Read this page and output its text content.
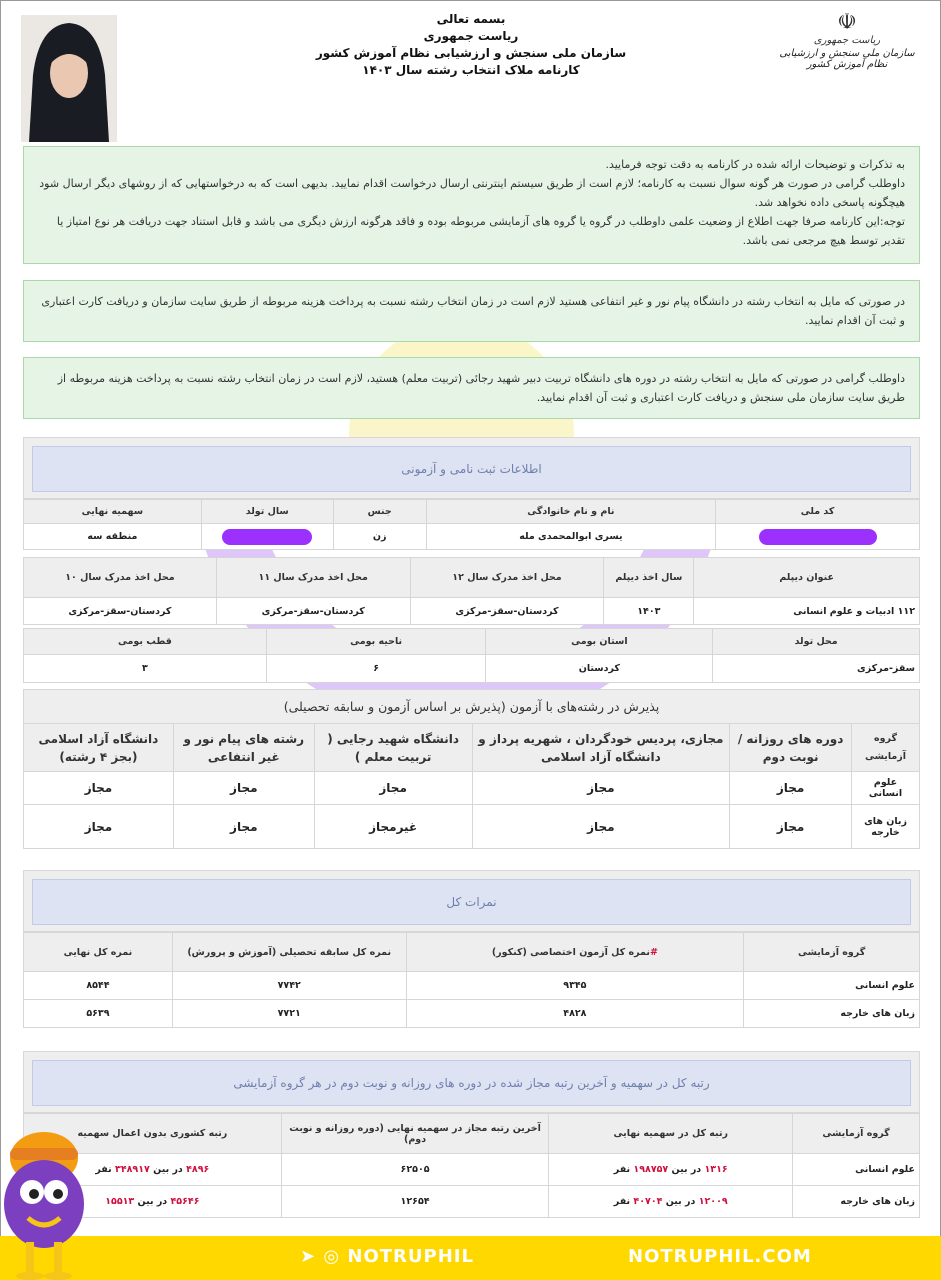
بسمه تعالی
ریاست جمهوری
سازمان ملی سنجش و ارزشیابی نظام آموزش کشور
کارنامه ملاک انتخاب رشته سال ۱۴۰۳
☫
ریاست جمهوری
سازمان ملی سنجش و ارزشیابی نظام آموزش کشور

به تذکرات و توضیحات ارائه شده در کارنامه به دقت توجه فرمایید.

داوطلب گرامی در صورت هر گونه سوال نسبت به کارنامه؛ لازم است از طریق سیستم اینترنتی ارسال درخواست اقدام نمایید. بدیهی است که به درخواستهایی که از روشهای دیگر ارسال شود هیچگونه پاسخی داده نخواهد شد.

توجه:این کارنامه صرفا جهت اطلاع از وضعیت علمی داوطلب در گروه یا گروه های آزمایشی مربوطه بوده و فاقد هرگونه ارزش دیگری می باشد و قابل استناد جهت دریافت هر نوع امتیاز یا تقدیر توسط هیچ مرجعی نمی باشد.

در صورتی که مایل به انتخاب رشته در دانشگاه پیام نور و غیر انتفاعی هستید لازم است در زمان انتخاب رشته نسبت به پرداخت هزینه مربوطه از طریق سایت سازمان و دریافت کارت اعتباری و ثبت آن اقدام نمایید.

داوطلب گرامی در صورتی که مایل به انتخاب رشته در دوره های دانشگاه تربیت دبیر شهید رجائی (تربیت معلم) هستید، لازم است در زمان انتخاب رشته نسبت به پرداخت هزینه مربوطه از طریق سایت سازمان ملی سنجش و دریافت کارت اعتباری و ثبت آن اقدام نمایید.

اطلاعات ثبت نامی و آزمونی
کد ملی	نام و نام خانوادگی	جنس	سال تولد	سهمیه نهایی
	یسری ابوالمحمدی مله	زن		منطقه سه
عنوان دیپلم	سال اخذ دیپلم	محل اخذ مدرک سال ۱۲	محل اخذ مدرک سال ۱۱	محل اخذ مدرک سال ۱۰
۱۱۲ ادبیات و علوم انسانی	۱۴۰۳	کردستان-سقز-مرکزی	کردستان-سقز-مرکزی	کردستان-سقز-مرکزی
محل تولد	استان بومی	ناحیه بومی	قطب بومی
سقز-مرکزی	کردستان	۶	۳
پذیرش در رشته‌های با آزمون (پذیرش بر اساس آزمون و سابقه تحصیلی)					
گروه آزمایشی	دوره های روزانه / نوبت دوم	مجازی، پردیس خودگردان ، شهریه پرداز و دانشگاه آزاد اسلامی	دانشگاه شهید رجایی ( تربیت معلم )	رشته های پیام نور و غیر انتفاعی	دانشگاه آزاد اسلامی (بجز ۴ رشته)
علوم انسانی	مجاز	مجاز	مجاز	مجاز	مجاز
زبان های خارجه	مجاز	مجاز	غیرمجاز	مجاز	مجاز
نمرات کل
گروه آزمایشی	#نمره کل آزمون اختصاصی (کنکور)	نمره کل سابقه تحصیلی (آموزش و پرورش)	نمره کل نهایی
علوم انسانی	۹۳۴۵	۷۷۴۲	۸۵۴۴
زبان های خارجه	۴۸۲۸	۷۷۲۱	۵۶۳۹
رتبه کل در سهمیه و آخرین رتبه مجاز شده در دوره های روزانه و نوبت دوم در هر گروه آزمایشی
گروه آزمایشی	رتبه کل در سهمیه نهایی	آخرین رتبه مجاز در سهمیه نهایی (دوره روزانه و نوبت دوم)	رتبه کشوری بدون اعمال سهمیه
علوم انسانی	۱۳۱۶ در بین ۱۹۸۷۵۷ نفر	۶۲۵۰۵	۴۸۹۶ در بین ۳۴۸۹۱۷ نفر
زبان های خارجه	۱۲۰۰۹ در بین ۴۰۷۰۴ نفر	۱۲۶۵۴	۴۵۶۴۶ در بین ۱۵۵۱۳
➤ ◎ NOTRUPHIL	NOTRUPHIL.COM
